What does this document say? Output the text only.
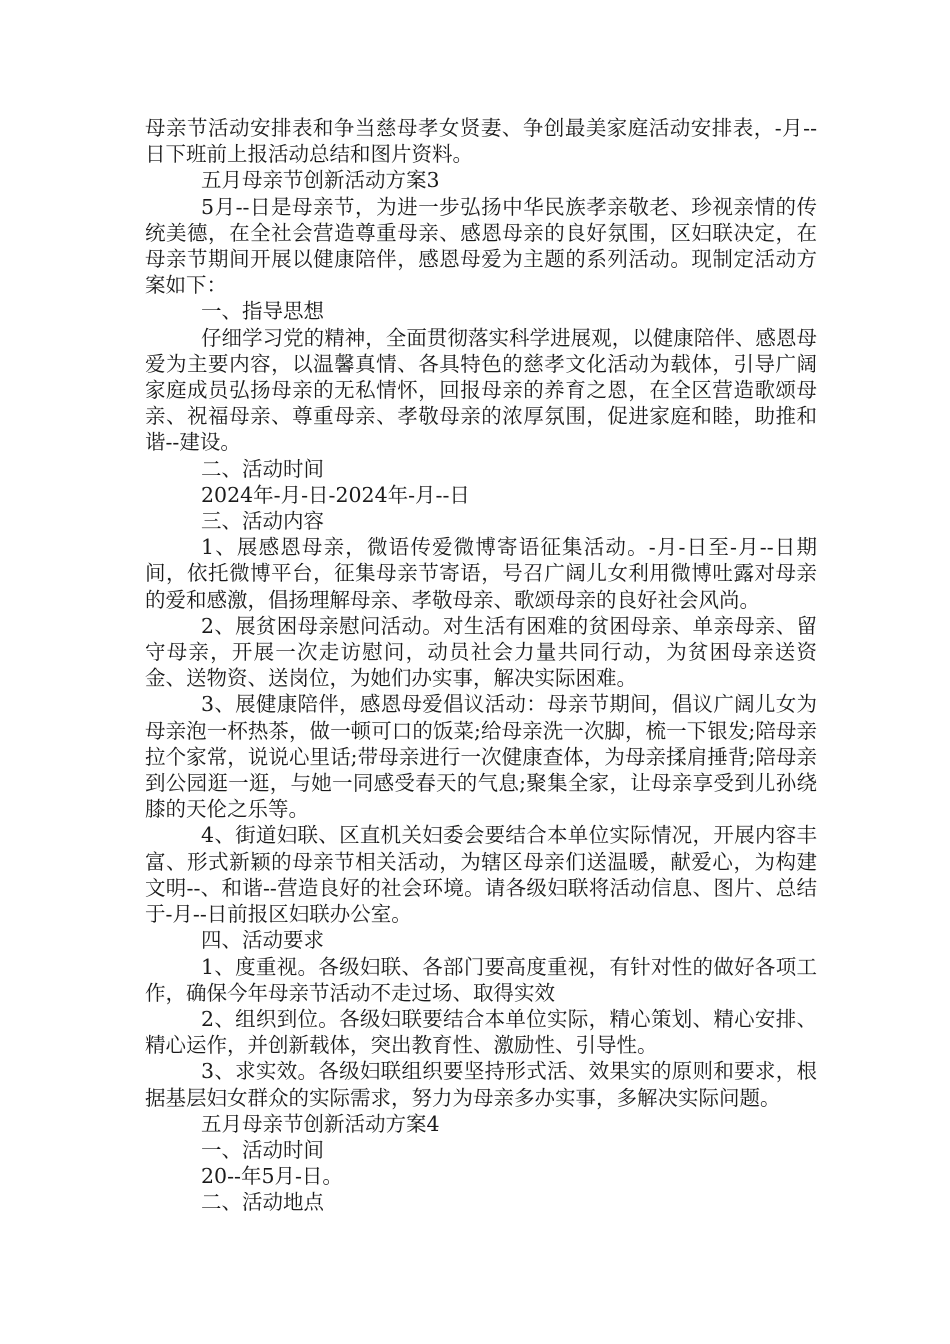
母亲节活动安排表和争当慈母孝女贤妻、争创最美家庭活动安排表，-月--日下班前上报活动总结和图片资料。

五月母亲节创新活动方案3

5月--日是母亲节，为进一步弘扬中华民族孝亲敬老、珍视亲情的传统美德，在全社会营造尊重母亲、感恩母亲的良好氛围，区妇联决定，在母亲节期间开展以健康陪伴，感恩母爱为主题的系列活动。现制定活动方案如下：

一、指导思想

仔细学习党的精神，全面贯彻落实科学进展观，以健康陪伴、感恩母爱为主要内容，以温馨真情、各具特色的慈孝文化活动为载体，引导广阔家庭成员弘扬母亲的无私情怀，回报母亲的养育之恩，在全区营造歌颂母亲、祝福母亲、尊重母亲、孝敬母亲的浓厚氛围，促进家庭和睦，助推和谐--建设。

二、活动时间

2024年-月-日-2024年-月--日

三、活动内容

1、展感恩母亲，微语传爱微博寄语征集活动。-月-日至-月--日期间，依托微博平台，征集母亲节寄语，号召广阔儿女利用微博吐露对母亲的爱和感激，倡扬理解母亲、孝敬母亲、歌颂母亲的良好社会风尚。

2、展贫困母亲慰问活动。对生活有困难的贫困母亲、单亲母亲、留守母亲，开展一次走访慰问，动员社会力量共同行动，为贫困母亲送资金、送物资、送岗位，为她们办实事，解决实际困难。

3、展健康陪伴，感恩母爱倡议活动：母亲节期间，倡议广阔儿女为母亲泡一杯热茶，做一顿可口的饭菜;给母亲洗一次脚，梳一下银发;陪母亲拉个家常，说说心里话;带母亲进行一次健康查体，为母亲揉肩捶背;陪母亲到公园逛一逛，与她一同感受春天的气息;聚集全家，让母亲享受到儿孙绕膝的天伦之乐等。

4、街道妇联、区直机关妇委会要结合本单位实际情况，开展内容丰富、形式新颖的母亲节相关活动，为辖区母亲们送温暖，献爱心，为构建文明--、和谐--营造良好的社会环境。请各级妇联将活动信息、图片、总结于-月--日前报区妇联办公室。

四、活动要求

1、度重视。各级妇联、各部门要高度重视，有针对性的做好各项工作，确保今年母亲节活动不走过场、取得实效

2、组织到位。各级妇联要结合本单位实际，精心策划、精心安排、精心运作，并创新载体，突出教育性、激励性、引导性。

3、求实效。各级妇联组织要坚持形式活、效果实的原则和要求，根据基层妇女群众的实际需求，努力为母亲多办实事，多解决实际问题。

五月母亲节创新活动方案4

一、活动时间

20--年5月-日。

二、活动地点
